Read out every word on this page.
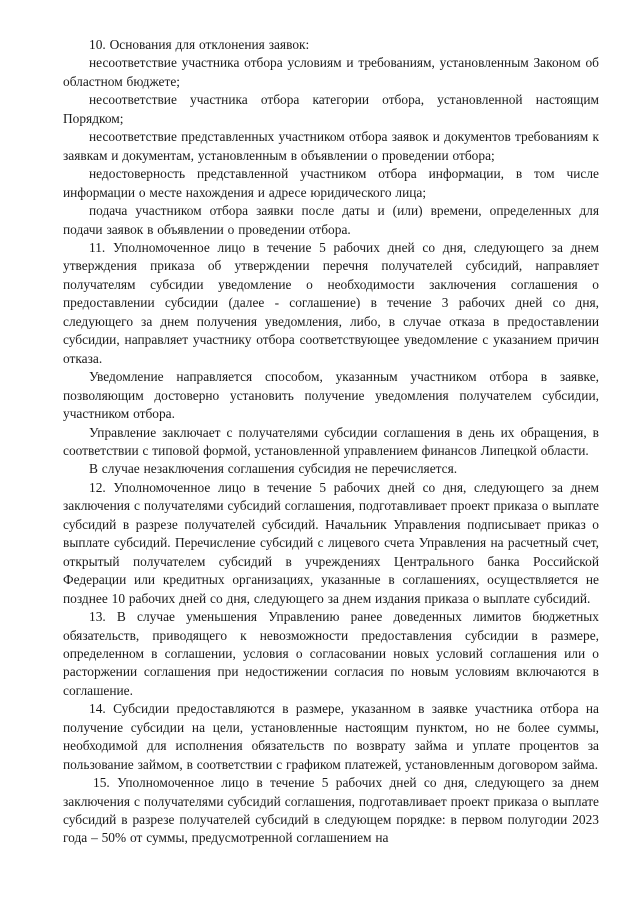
10. Основания для отклонения заявок:

несоответствие участника отбора условиям и требованиям, установленным Законом об областном бюджете;

несоответствие участника отбора категории отбора, установленной настоящим Порядком;

несоответствие представленных участником отбора заявок и документов требованиям к заявкам и документам, установленным в объявлении о проведении отбора;

недостоверность представленной участником отбора информации, в том числе информации о месте нахождения и адресе юридического лица;

подача участником отбора заявки после даты и (или) времени, определенных для подачи заявок в объявлении о проведении отбора.

11. Уполномоченное лицо в течение 5 рабочих дней со дня, следующего за днем утверждения приказа об утверждении перечня получателей субсидий, направляет получателям субсидии уведомление о необходимости заключения соглашения о предоставлении субсидии (далее - соглашение) в течение 3 рабочих дней со дня, следующего за днем получения уведомления, либо, в случае отказа в предоставлении субсидии, направляет участнику отбора соответствующее уведомление с указанием причин отказа.

Уведомление направляется способом, указанным участником отбора в заявке, позволяющим достоверно установить получение уведомления получателем субсидии, участником отбора.

Управление заключает с получателями субсидии соглашения в день их обращения, в соответствии с типовой формой, установленной управлением финансов Липецкой области.

В случае незаключения соглашения субсидия не перечисляется.

12. Уполномоченное лицо в течение 5 рабочих дней со дня, следующего за днем заключения с получателями субсидий соглашения, подготавливает проект приказа о выплате субсидий в разрезе получателей субсидий. Начальник Управления подписывает приказ о выплате субсидий. Перечисление субсидий с лицевого счета Управления на расчетный счет, открытый получателем субсидий в учреждениях Центрального банка Российской Федерации или кредитных организациях, указанные в соглашениях, осуществляется не позднее 10 рабочих дней со дня, следующего за днем издания приказа о выплате субсидий.

13. В случае уменьшения Управлению ранее доведенных лимитов бюджетных обязательств, приводящего к невозможности предоставления субсидии в размере, определенном в соглашении, условия о согласовании новых условий соглашения или о расторжении соглашения при недостижении согласия по новым условиям включаются в соглашение.

14. Субсидии предоставляются в размере, указанном в заявке участника отбора на получение субсидии на цели, установленные настоящим пунктом, но не более суммы, необходимой для исполнения обязательств по возврату займа и уплате процентов за пользование займом, в соответствии с графиком платежей, установленным договором займа.

15. Уполномоченное лицо в течение 5 рабочих дней со дня, следующего за днем заключения с получателями субсидий соглашения, подготавливает проект приказа о выплате субсидий в разрезе получателей субсидий в следующем порядке: в первом полугодии 2023 года – 50% от суммы, предусмотренной соглашением на
